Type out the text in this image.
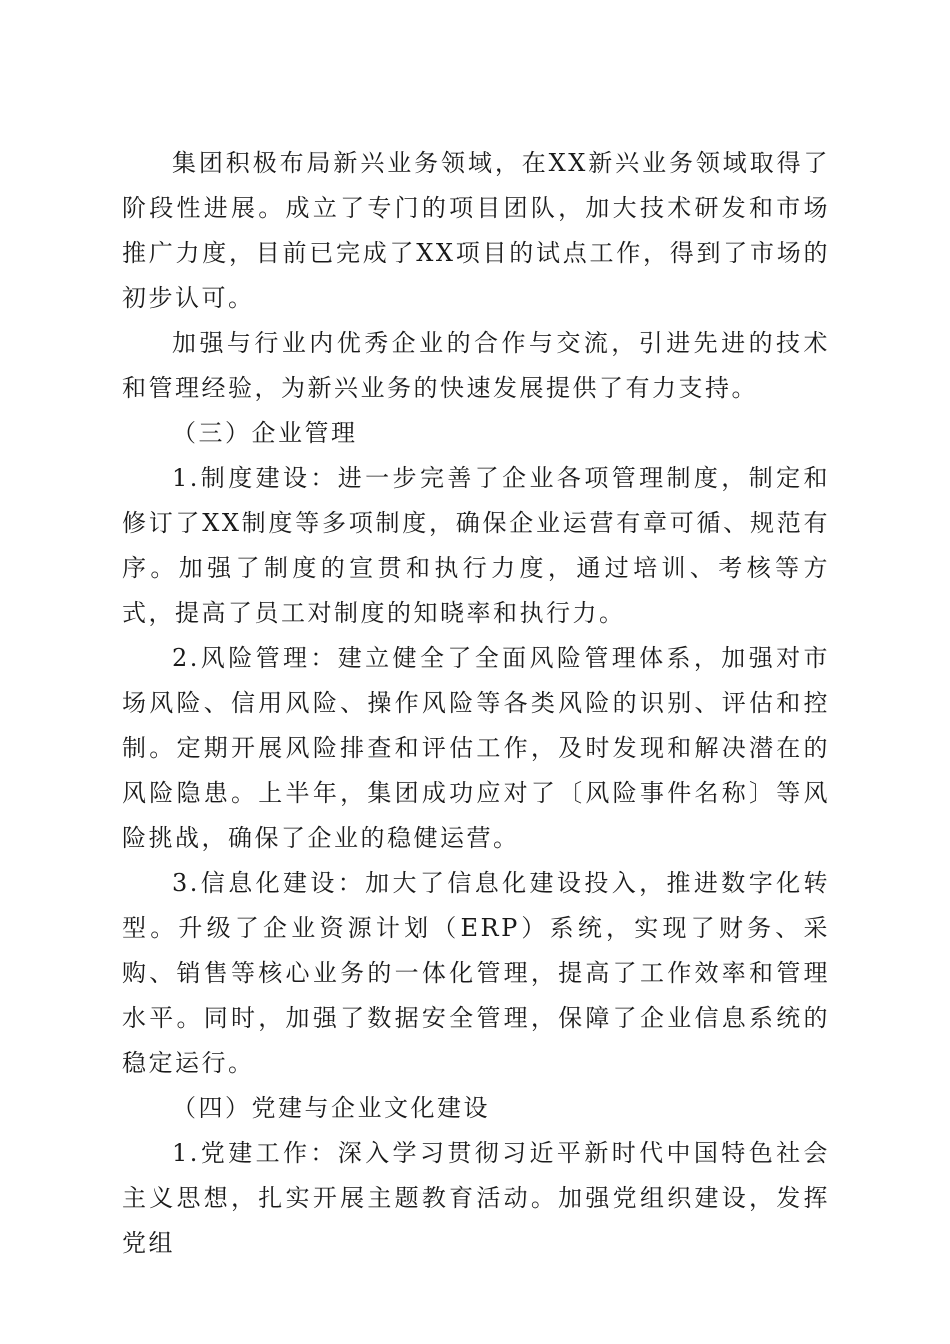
集团积极布局新兴业务领域，在XX新兴业务领域取得了阶段性进展。成立了专门的项目团队，加大技术研发和市场推广力度，目前已完成了XX项目的试点工作，得到了市场的初步认可。

加强与行业内优秀企业的合作与交流，引进先进的技术和管理经验，为新兴业务的快速发展提供了有力支持。

（三）企业管理

1.制度建设：进一步完善了企业各项管理制度，制定和修订了XX制度等多项制度，确保企业运营有章可循、规范有序。加强了制度的宣贯和执行力度，通过培训、考核等方式，提高了员工对制度的知晓率和执行力。

2.风险管理：建立健全了全面风险管理体系，加强对市场风险、信用风险、操作风险等各类风险的识别、评估和控制。定期开展风险排查和评估工作，及时发现和解决潜在的风险隐患。上半年，集团成功应对了〔风险事件名称〕等风险挑战，确保了企业的稳健运营。

3.信息化建设：加大了信息化建设投入，推进数字化转型。升级了企业资源计划（ERP）系统，实现了财务、采购、销售等核心业务的一体化管理，提高了工作效率和管理水平。同时，加强了数据安全管理，保障了企业信息系统的稳定运行。

（四）党建与企业文化建设

1.党建工作：深入学习贯彻习近平新时代中国特色社会主义思想，扎实开展主题教育活动。加强党组织建设，发挥党组
